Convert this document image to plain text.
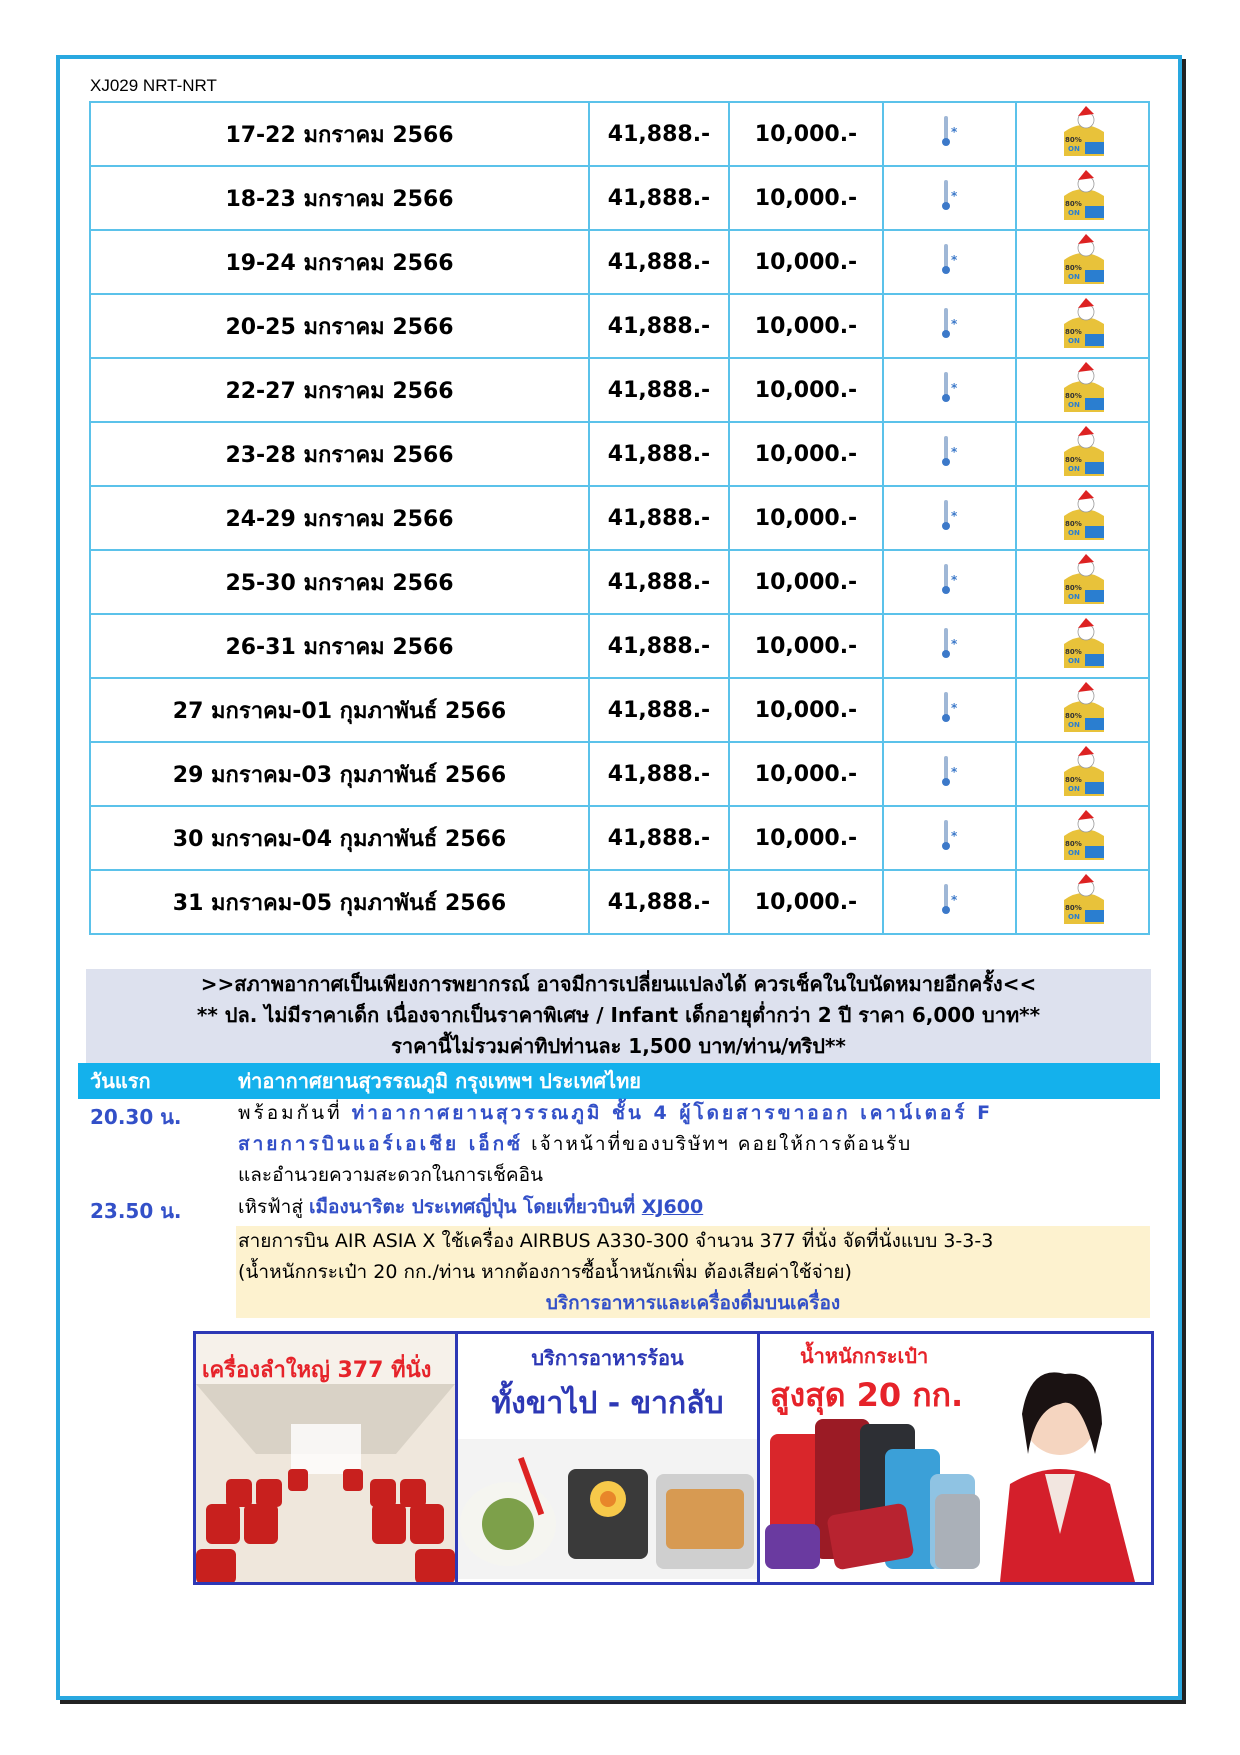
XJ029 NRT-NRT
17-22 มกราคม 2566	41,888.-	10,000.-	*	80%
ON

18-23 มกราคม 2566	41,888.-	10,000.-	*	80%
ON

19-24 มกราคม 2566	41,888.-	10,000.-	*	80%
ON

20-25 มกราคม 2566	41,888.-	10,000.-	*	80%
ON

22-27 มกราคม 2566	41,888.-	10,000.-	*	80%
ON

23-28 มกราคม 2566	41,888.-	10,000.-	*	80%
ON

24-29 มกราคม 2566	41,888.-	10,000.-	*	80%
ON

25-30 มกราคม 2566	41,888.-	10,000.-	*	80%
ON

26-31 มกราคม 2566	41,888.-	10,000.-	*	80%
ON

27 มกราคม-01 กุมภาพันธ์ 2566	41,888.-	10,000.-	*	80%
ON

29 มกราคม-03 กุมภาพันธ์ 2566	41,888.-	10,000.-	*	80%
ON

30 มกราคม-04 กุมภาพันธ์ 2566	41,888.-	10,000.-	*	80%
ON

31 มกราคม-05 กุมภาพันธ์ 2566	41,888.-	10,000.-	*	80%
ON
>>สภาพอากาศเป็นเพียงการพยากรณ์ อาจมีการเปลี่ยนแปลงได้ ควรเช็คในใบนัดหมายอีกครั้ง<<
** ปล. ไม่มีราคาเด็ก เนื่องจากเป็นราคาพิเศษ / Infant เด็กอายุต่ำกว่า 2 ปี ราคา 6,000 บาท**
ราคานี้ไม่รวมค่าทิปท่านละ 1,500 บาท/ท่าน/ทริป**
วันแรก	ท่าอากาศยานสุวรรณภูมิ กรุงเทพฯ ประเทศไทย
20.30 น.	พร้อมกันที่ ท่าอากาศยานสุวรรณภูมิ ชั้น 4 ผู้โดยสารขาออก เคาน์เตอร์ F
สายการบินแอร์เอเชีย เอ็กซ์ เจ้าหน้าที่ของบริษัทฯ คอยให้การต้อนรับ
และอำนวยความสะดวกในการเช็คอิน
23.50 น.	เหิรฟ้าสู่ เมืองนาริตะ ประเทศญี่ปุ่น โดยเที่ยวบินที่ XJ600
สายการบิน AIR ASIA X ใช้เครื่อง AIRBUS A330-300 จำนวน 377 ที่นั่ง จัดที่นั่งแบบ 3-3-3
(น้ำหนักกระเป๋า 20 กก./ท่าน หากต้องการซื้อน้ำหนักเพิ่ม ต้องเสียค่าใช้จ่าย)
บริการอาหารและเครื่องดื่มบนเครื่อง
เครื่องลำใหญ่ 377 ที่นั่ง	บริการอาหารร้อน
ทั้งขาไป - ขากลับ
น้ำหนักกระเป๋า
สูงสุด 20 กก.
